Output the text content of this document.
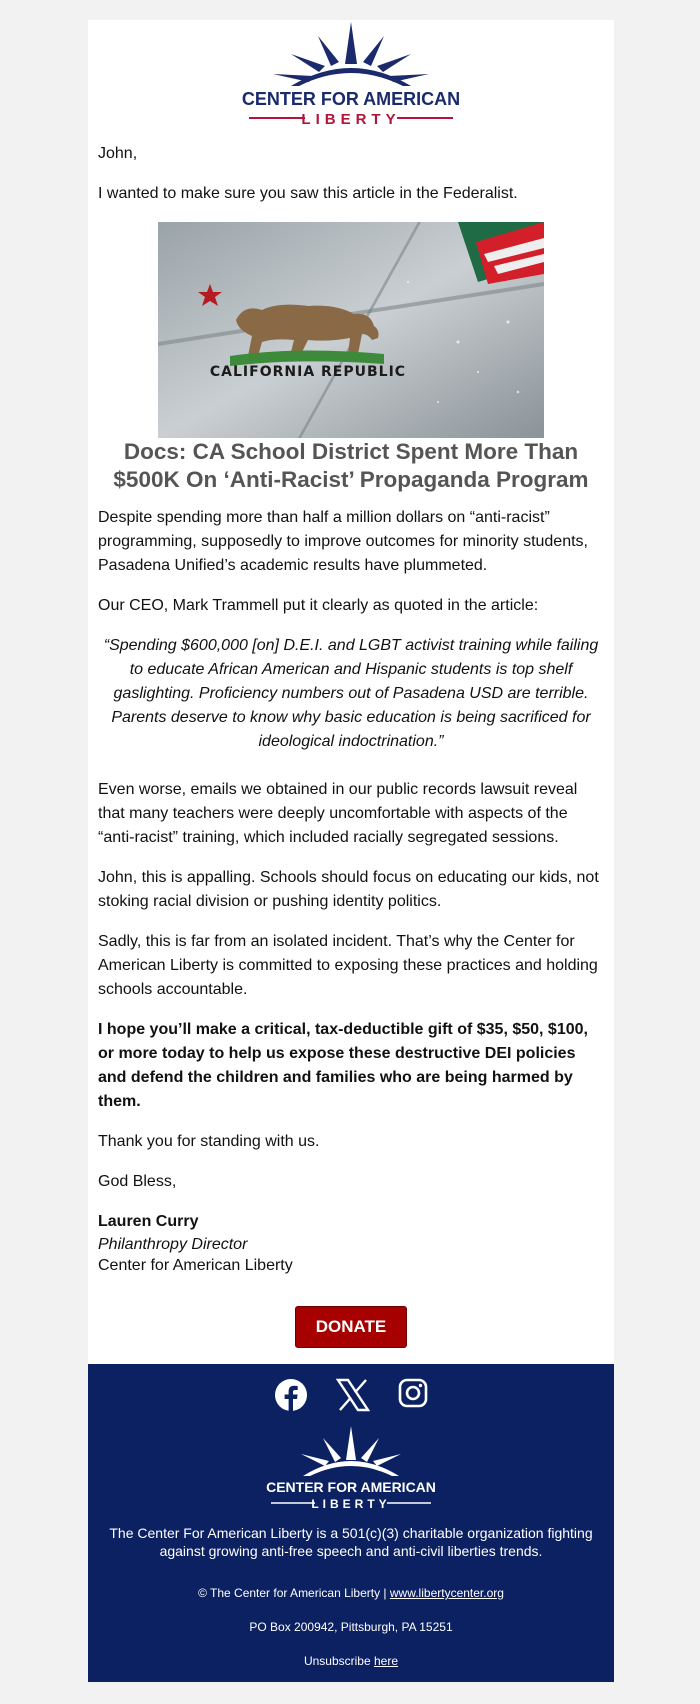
CENTER FOR AMERICAN
LIBERTY

John,

I wanted to make sure you saw this article in the Federalist.

CALIFORNIA REPUBLIC
Docs: CA School District Spent More Than $500K On ‘Anti-Racist’ Propaganda Program

Despite spending more than half a million dollars on “anti-racist” programming, supposedly to improve outcomes for minority students, Pasadena Unified’s academic results have plummeted.

Our CEO, Mark Trammell put it clearly as quoted in the article:

“Spending $600,000 [on] D.E.I. and LGBT activist training while failing to educate African American and Hispanic students is top shelf gaslighting. Proficiency numbers out of Pasadena USD are terrible. Parents deserve to know why basic education is being sacrificed for ideological indoctrination.”

Even worse, emails we obtained in our public records lawsuit reveal that many teachers were deeply uncomfortable with aspects of the “anti-racist” training, which included racially segregated sessions.

John, this is appalling. Schools should focus on educating our kids, not stoking racial division or pushing identity politics.

Sadly, this is far from an isolated incident. That’s why the Center for American Liberty is committed to exposing these practices and holding schools accountable.

I hope you’ll make a critical, tax-deductible gift of $35, $50, $100, or more today to help us expose these destructive DEI policies and defend the children and families who are being harmed by them.

Thank you for standing with us.

God Bless,

Lauren Curry

Philanthropy Director

Center for American Liberty

DONATE
CENTER FOR AMERICAN
LIBERTY

The Center For American Liberty is a 501(c)(3) charitable organization fighting against growing anti-free speech and anti-civil liberties trends.

© The Center for American Liberty | www.libertycenter.org

PO Box 200942, Pittsburgh, PA 15251

Unsubscribe here
